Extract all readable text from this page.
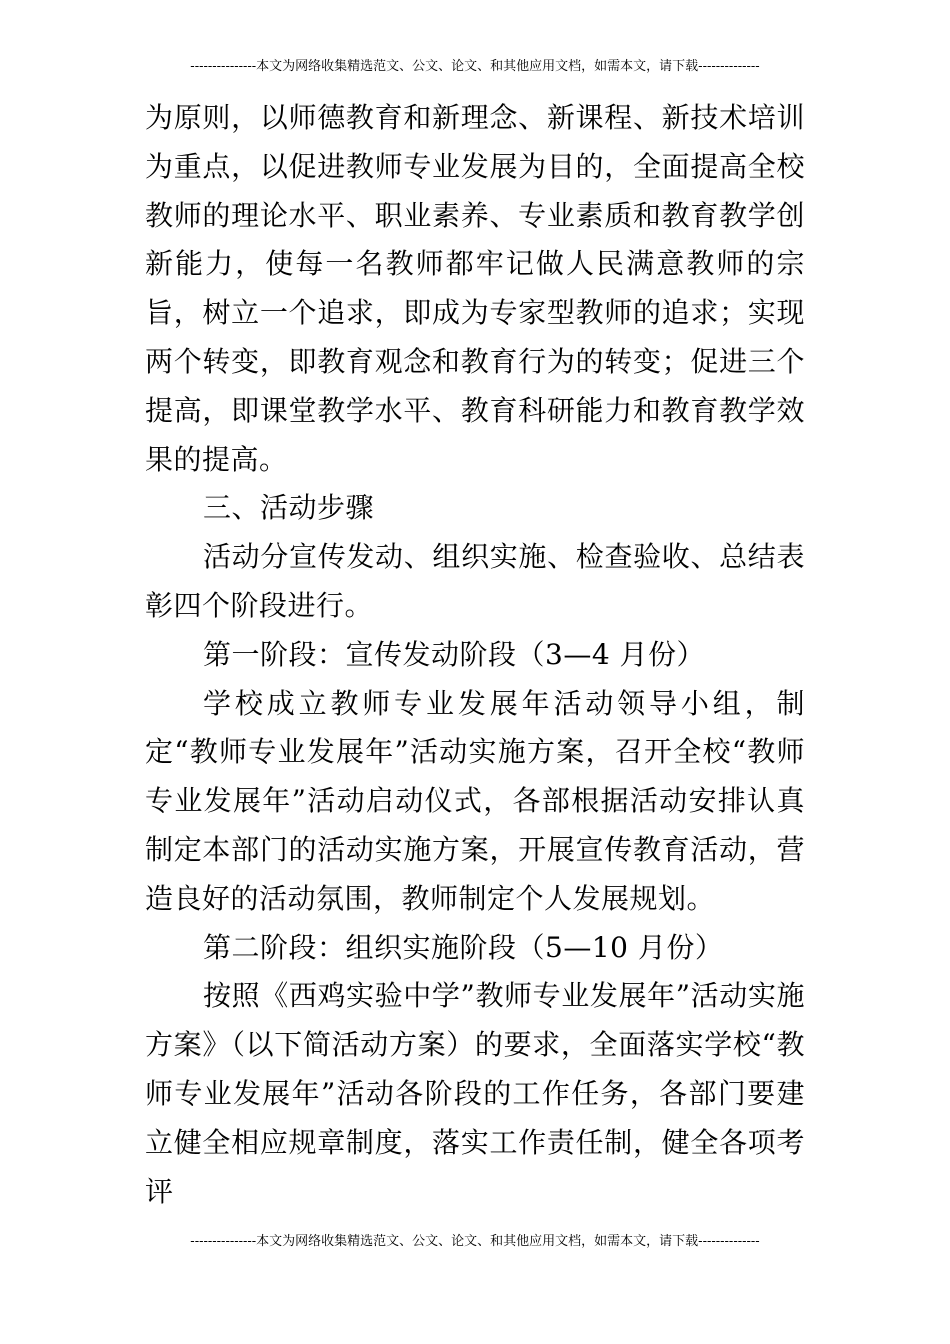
---------------本文为网络收集精选范文、公文、论文、和其他应用文档，如需本文，请下载--------------

为原则，以师德教育和新理念、新课程、新技术培训为重点，以促进教师专业发展为目的，全面提高全校教师的理论水平、职业素养、专业素质和教育教学创新能力，使每一名教师都牢记做人民满意教师的宗旨，树立一个追求，即成为专家型教师的追求；实现两个转变，即教育观念和教育行为的转变；促进三个提高，即课堂教学水平、教育科研能力和教育教学效果的提高。

三、活动步骤

活动分宣传发动、组织实施、检查验收、总结表彰四个阶段进行。

第一阶段：宣传发动阶段（3—4 月份）

学校成立教师专业发展年活动领导小组，制定“教师专业发展年”活动实施方案，召开全校“教师专业发展年”活动启动仪式，各部根据活动安排认真制定本部门的活动实施方案，开展宣传教育活动，营造良好的活动氛围，教师制定个人发展规划。

第二阶段：组织实施阶段（5—10 月份）

按照《西鸡实验中学”教师专业发展年”活动实施方案》（以下简活动方案）的要求，全面落实学校“教师专业发展年”活动各阶段的工作任务，各部门要建立健全相应规章制度，落实工作责任制，健全各项考评

---------------本文为网络收集精选范文、公文、论文、和其他应用文档，如需本文，请下载--------------
